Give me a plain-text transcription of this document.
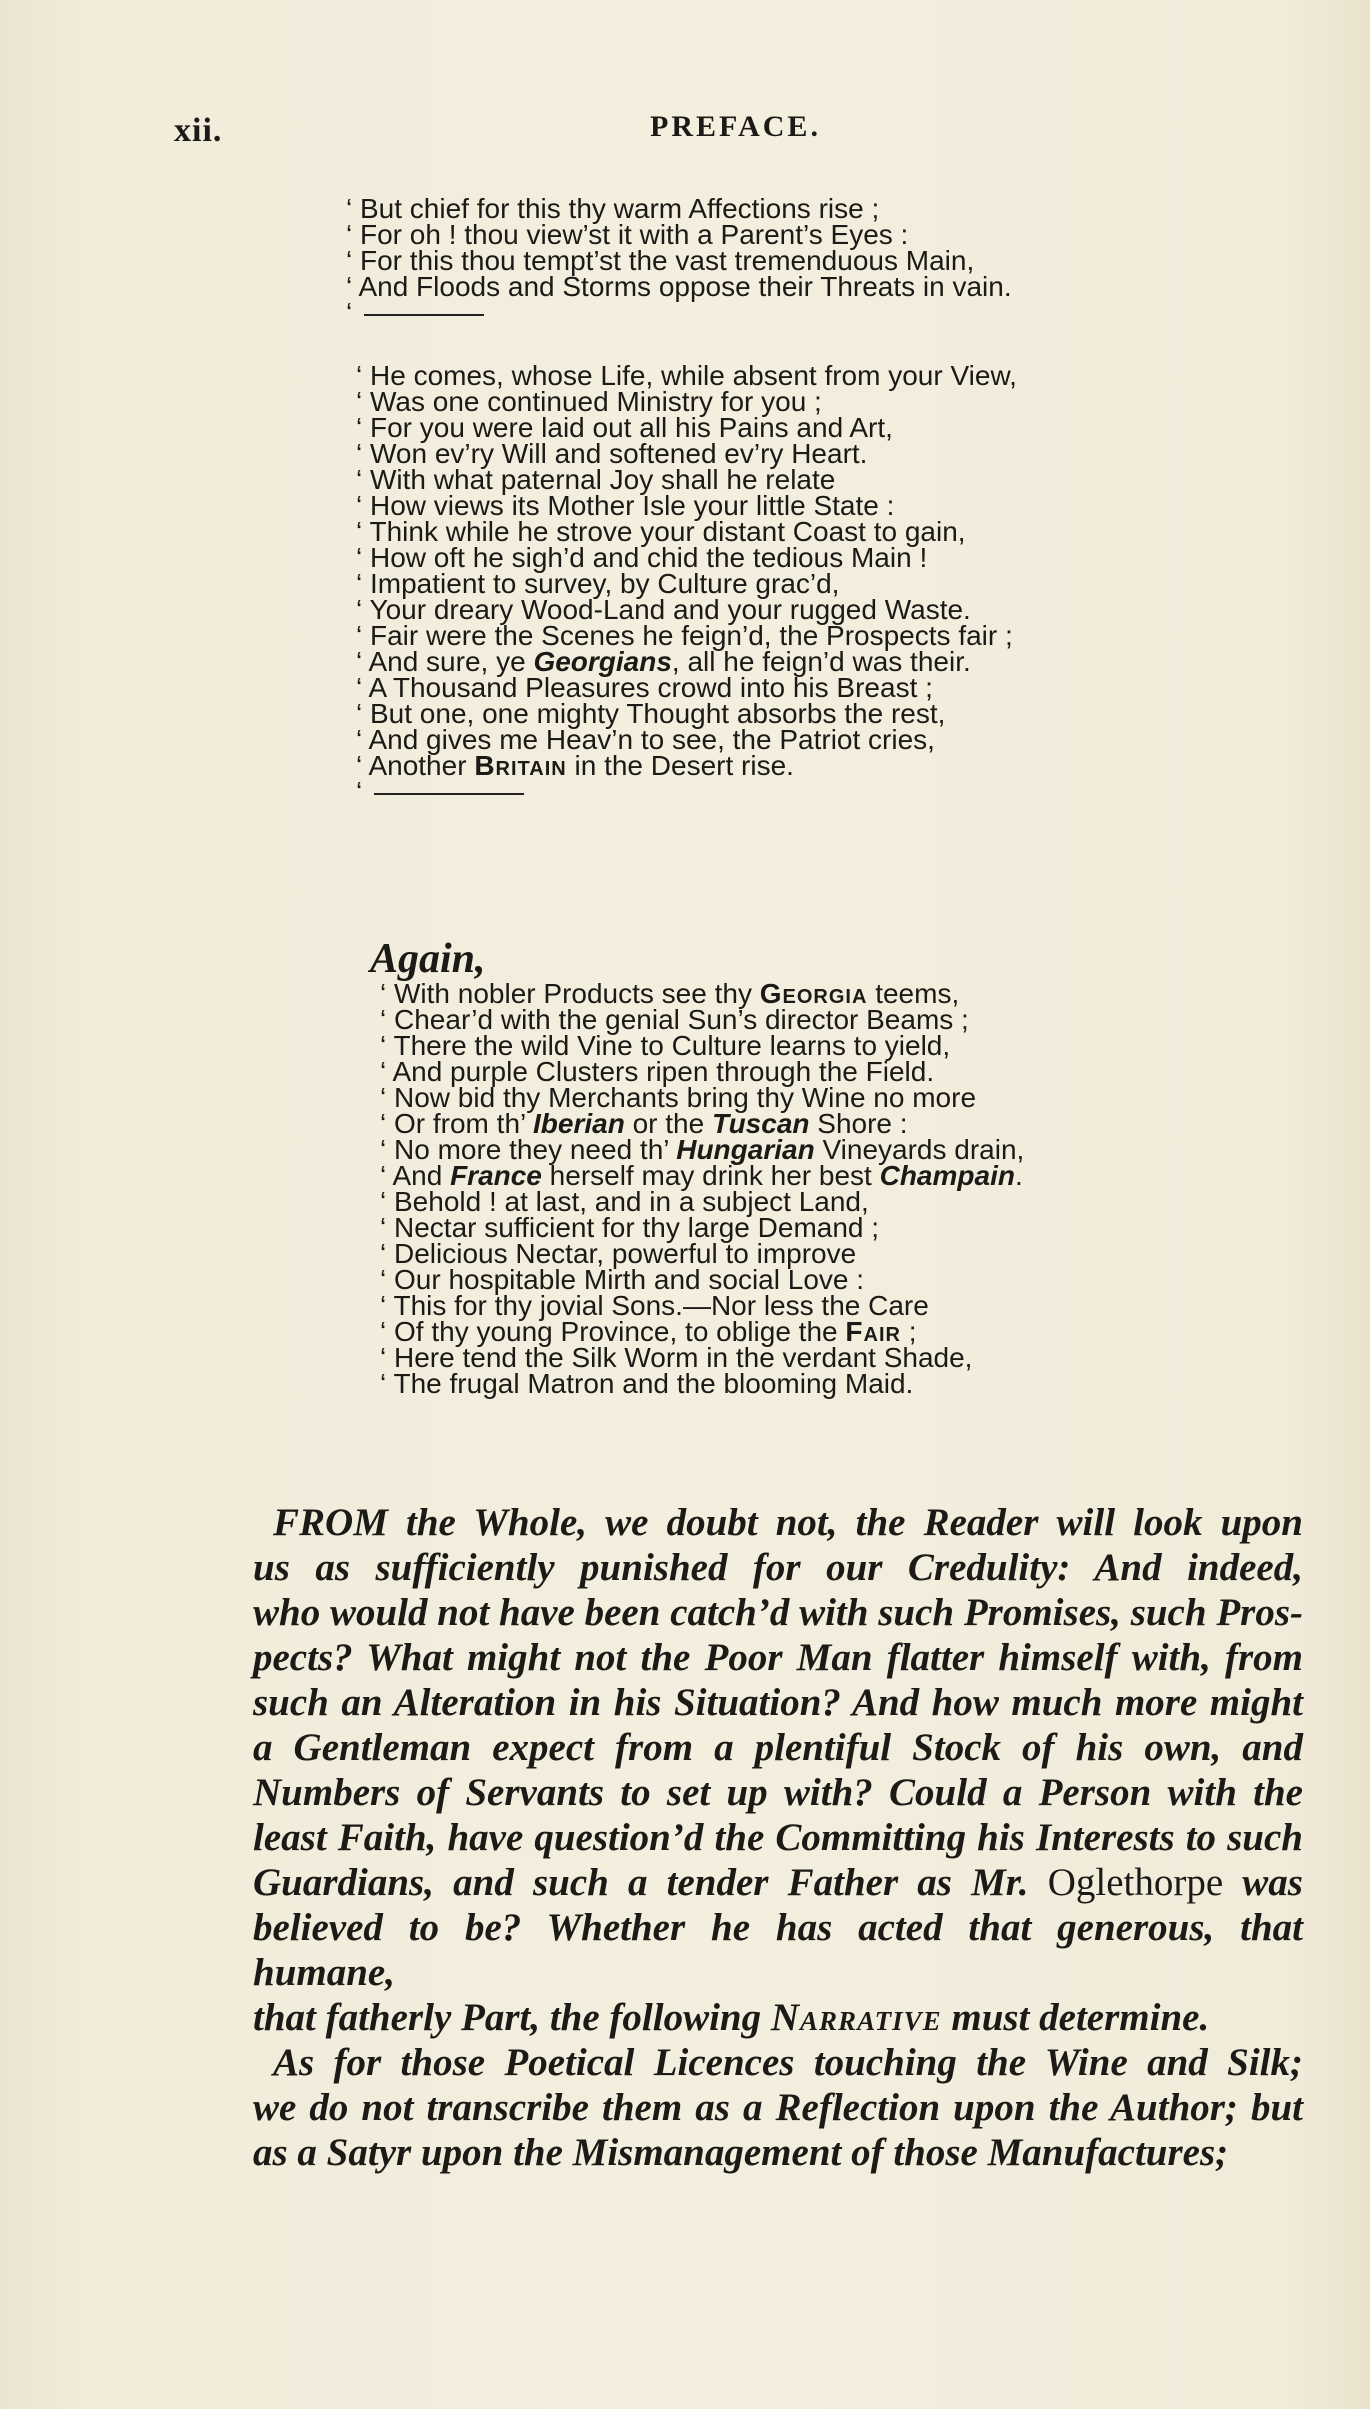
xii.	PREFACE.
‘ But chief for this thy warm Affections rise ;
‘ For oh ! thou view’st it with a Parent’s Eyes :
‘ For this thou tempt’st the vast tremenduous Main,
‘ And Floods and Storms oppose their Threats in vain.
‘
‘ He comes, whose Life, while absent from your View,
‘ Was one continued Ministry for you ;
‘ For you were laid out all his Pains and Art,
‘ Won ev’ry Will and softened ev’ry Heart.
‘ With what paternal Joy shall he relate
‘ How views its Mother Isle your little State :
‘ Think while he strove your distant Coast to gain,
‘ How oft he sigh’d and chid the tedious Main !
‘ Impatient to survey, by Culture grac’d,
‘ Your dreary Wood-Land and your rugged Waste.
‘ Fair were the Scenes he feign’d, the Prospects fair ;
‘ And sure, ye Georgians, all he feign’d was their.
‘ A Thousand Pleasures crowd into his Breast ;
‘ But one, one mighty Thought absorbs the rest,
‘ And gives me Heav’n to see, the Patriot cries,
‘ Another Britain in the Desert rise.
‘
Again,
‘ With nobler Products see thy Georgia teems,
‘ Chear’d with the genial Sun’s director Beams ;
‘ There the wild Vine to Culture learns to yield,
‘ And purple Clusters ripen through the Field.
‘ Now bid thy Merchants bring thy Wine no more
‘ Or from th’ Iberian or the Tuscan Shore :
‘ No more they need th’ Hungarian Vineyards drain,
‘ And France herself may drink her best Champain.
‘ Behold ! at last, and in a subject Land,
‘ Nectar sufficient for thy large Demand ;
‘ Delicious Nectar, powerful to improve
‘ Our hospitable Mirth and social Love :
‘ This for thy jovial Sons.—Nor less the Care
‘ Of thy young Province, to oblige the Fair ;
‘ Here tend the Silk Worm in the verdant Shade,
‘ The frugal Matron and the blooming Maid.

FROM the Whole, we doubt not, the Reader will look upon

us as sufficiently punished for our Credulity: And indeed,

who would not have been catch’d with such Promises, such Pros-

pects? What might not the Poor Man flatter himself with, from

such an Alteration in his Situation? And how much more might

a Gentleman expect from a plentiful Stock of his own, and

Numbers of Servants to set up with? Could a Person with the

least Faith, have question’d the Committing his Interests to such

Guardians, and such a tender Father as Mr. Oglethorpe was

believed to be? Whether he has acted that generous, that humane,

that fatherly Part, the following Narrative must determine.

As for those Poetical Licences touching the Wine and Silk;

we do not transcribe them as a Reflection upon the Author; but

as a Satyr upon the Mismanagement of those Manufactures;
